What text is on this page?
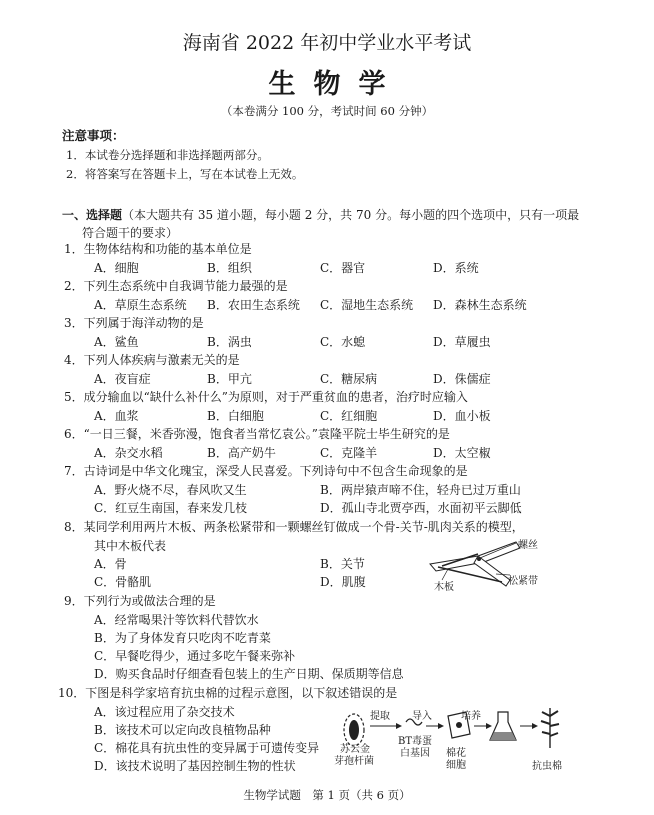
海南省 2022 年初中学业水平考试
生物学
（本卷满分 100 分，考试时间 60 分钟）
注意事项：
1．本试卷分选择题和非选择题两部分。
2．将答案写在答题卡上，写在本试卷上无效。
一、选择题（本大题共有 35 道小题，每小题 2 分，共 70 分。每小题的四个选项中，只有一项最
符合题干的要求）
1．生物体结构和功能的基本单位是
A．细胞	B．组织	C．器官	D．系统
2．下列生态系统中自我调节能力最强的是
A．草原生态系统 B．农田生态系统 C．湿地生态系统 D．森林生态系统
3．下列属于海洋动物的是
A．鲨鱼	B．涡虫	C．水螅	D．草履虫
4．下列人体疾病与激素无关的是
A．夜盲症	B．甲亢	C．糖尿病	D．侏儒症
5．成分输血以“缺什么补什么”为原则，对于严重贫血的患者，治疗时应输入
A．血浆	B．白细胞	C．红细胞	D．血小板
6．“一日三餐，米香弥漫，饱食者当常忆袁公。”袁隆平院士毕生研究的是
A．杂交水稻	B．高产奶牛	C．克隆羊	D．太空椒
7．古诗词是中华文化瑰宝，深受人民喜爱。下列诗句中不包含生命现象的是
A．野火烧不尽，春风吹又生	B．两岸猿声啼不住，轻舟已过万重山
C．红豆生南国，春来发几枝	D．孤山寺北贾亭西，水面初平云脚低
8．某同学利用两片木板、两条松紧带和一颗螺丝钉做成一个骨-关节-肌肉关系的模型，
其中木板代表
A．骨	B．关节
C．骨骼肌	D．肌腹
螺丝
松紧带
木板
9．下列行为或做法合理的是
A．经常喝果汁等饮料代替饮水
B．为了身体发育只吃肉不吃青菜
C．早餐吃得少，通过多吃午餐来弥补
D．购买食品时仔细查看包装上的生产日期、保质期等信息
10．下图是科学家培育抗虫棉的过程示意图，以下叙述错误的是
A．该过程应用了杂交技术
B．该技术可以定向改良植物品种
C．棉花具有抗虫性的变异属于可遗传变异
D．该技术说明了基因控制生物的性状
提取 导入	培养
苏云金
芽孢杆菌
BT毒蛋
白基因 棉花
细胞	抗虫棉
生物学试题　第 1 页（共 6 页）
